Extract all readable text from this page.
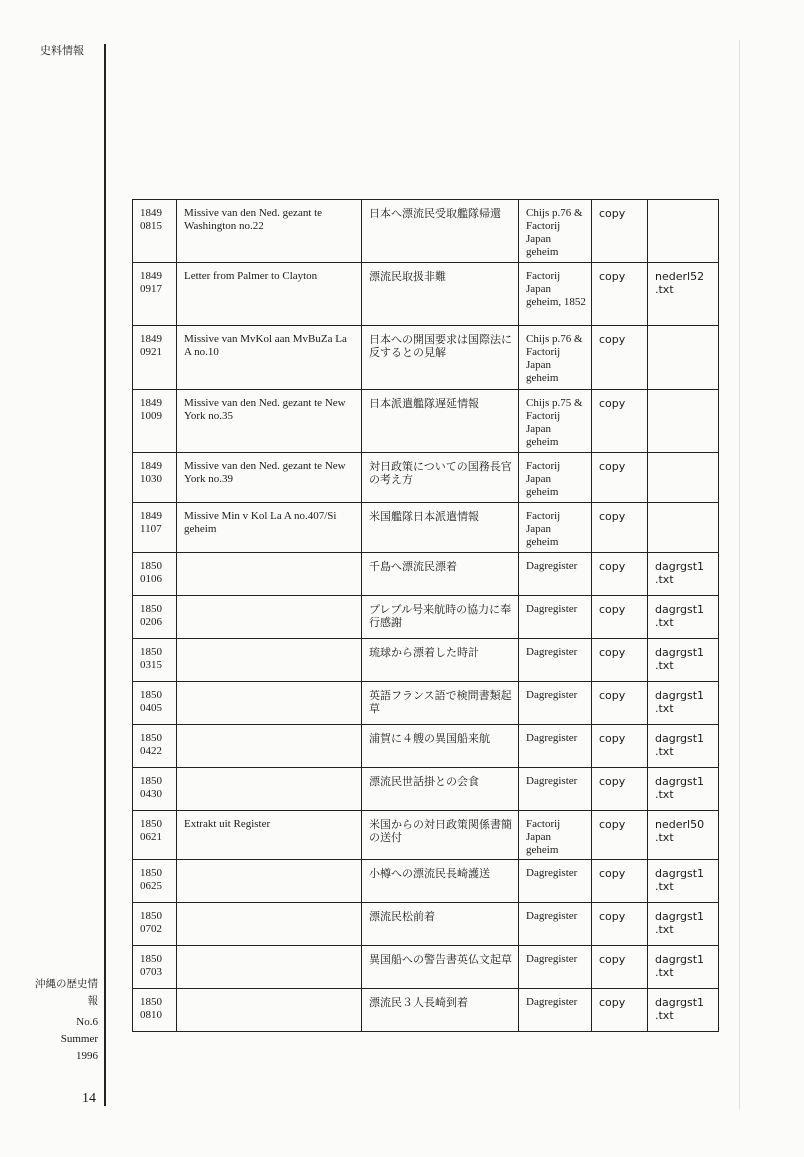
史料情報
1849
0815	Missive van den Ned. gezant te Washington no.22	日本へ漂流民受取艦隊帰還	Chijs p.76 & Factorij Japan geheim	copy	
1849
0917	Letter from Palmer to Clayton	漂流民取扱非難	Factorij Japan geheim, 1852	copy	nederl52 .txt
1849
0921	Missive van MvKol aan MvBuZa La A no.10	日本への開国要求は国際法に反するとの見解	Chijs p.76 & Factorij Japan geheim	copy	
1849
1009	Missive van den Ned. gezant te New York no.35	日本派遣艦隊遅延情報	Chijs p.75 & Factorij Japan geheim	copy	
1849
1030	Missive van den Ned. gezant te New York no.39	対日政策についての国務長官の考え方	Factorij Japan geheim	copy	
1849
1107	Missive Min v Kol La A no.407/Si geheim	米国艦隊日本派遣情報	Factorij Japan geheim	copy	
1850
0106		千島へ漂流民漂着	Dagregister	copy	dagrgst1 .txt
1850
0206		プレブル号来航時の協力に奉行感謝	Dagregister	copy	dagrgst1 .txt
1850
0315		琉球から漂着した時計	Dagregister	copy	dagrgst1 .txt
1850
0405		英語フランス語で検問書類起草	Dagregister	copy	dagrgst1 .txt
1850
0422		浦賀に４艘の異国船来航	Dagregister	copy	dagrgst1 .txt
1850
0430		漂流民世話掛との会食	Dagregister	copy	dagrgst1 .txt
1850
0621	Extrakt uit Register	米国からの対日政策関係書簡の送付	Factorij Japan geheim	copy	nederl50 .txt
1850
0625		小樽への漂流民長崎護送	Dagregister	copy	dagrgst1 .txt
1850
0702		漂流民松前着	Dagregister	copy	dagrgst1 .txt
1850
0703		異国船への警告書英仏文起草	Dagregister	copy	dagrgst1 .txt
1850
0810		漂流民３人長崎到着	Dagregister	copy	dagrgst1 .txt
沖縄の歴史情報
No.6
Summer
1996
14
